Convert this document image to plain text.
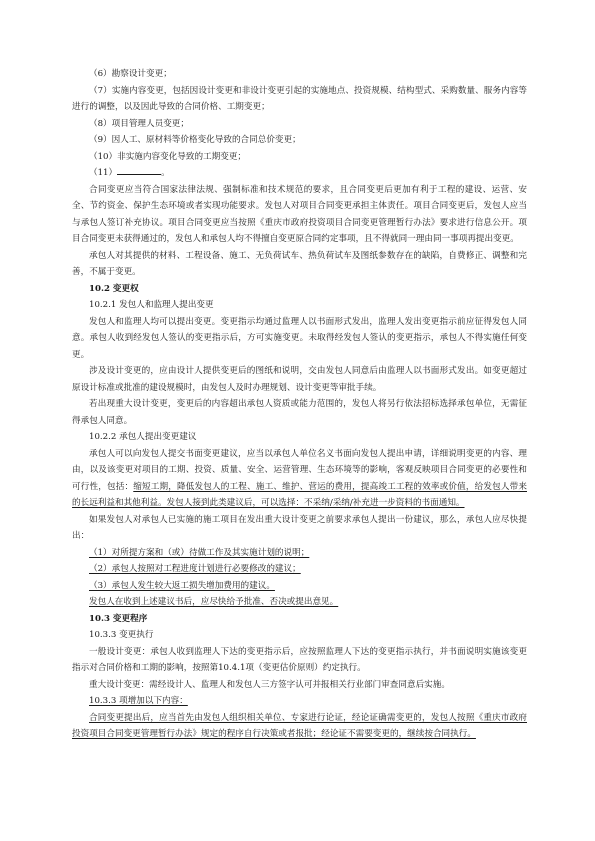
（6）勘察设计变更；

（7）实施内容变更，包括因设计变更和非设计变更引起的实施地点、投资规模、结构型式、采购数量、服务内容等进行的调整，以及因此导致的合同价格、工期变更；

（8）项目管理人员变更；

（9）因人工、原材料等价格变化导致的合同总价变更；

（10）非实施内容变化导致的工期变更；

（11）	。

合同变更应当符合国家法律法规、强制标准和技术规范的要求，且合同变更后更加有利于工程的建设、运营、安全、节约资金、保护生态环境或者实现功能要求。发包人对项目合同变更承担主体责任。项目合同变更后，发包人应当与承包人签订补充协议。项目合同变更应当按照《重庆市政府投资项目合同变更管理暂行办法》要求进行信息公开。项目合同变更未获得通过的，发包人和承包人均不得擅自变更原合同约定事项，且不得就同一理由同一事项再提出变更。

承包人对其提供的材料、工程设备、施工、无负荷试车、热负荷试车及图纸参数存在的缺陷，自费修正、调整和完善，不属于变更。

10.2 变更权

10.2.1 发包人和监理人提出变更

发包人和监理人均可以提出变更。变更指示均通过监理人以书面形式发出，监理人发出变更指示前应征得发包人同意。承包人收到经发包人签认的变更指示后，方可实施变更。未取得经发包人签认的变更指示，承包人不得实施任何变更。

涉及设计变更的，应由设计人提供变更后的图纸和说明，交由发包人同意后由监理人以书面形式发出。如变更超过原设计标准或批准的建设规模时，由发包人及时办理规划、设计变更等审批手续。

若出现重大设计变更，变更后的内容超出承包人资质或能力范围的，发包人将另行依法招标选择承包单位，无需征得承包人同意。

10.2.2 承包人提出变更建议

承包人可以向发包人提交书面变更建议，应当以承包人单位名义书面向发包人提出申请，详细说明变更的内容、理由，以及该变更对项目的工期、投资、质量、安全、运营管理、生态环境等的影响，客观反映项目合同变更的必要性和可行性，包括：缩短工期，降低发包人的工程、施工、维护、营运的费用，提高竣工工程的效率或价值，给发包人带来的长远利益和其他利益。发包人接到此类建议后，可以选择：不采纳/采纳/补充进一步资料的书面通知。

如果发包人对承包人已实施的施工项目在发出重大设计变更之前要求承包人提出一份建议，那么，承包人应尽快提出：

（1）对所提方案和（或）待做工作及其实施计划的说明；

（2）承包人按照对工程进度计划进行必要修改的建议；

（3）承包人发生较大返工损失增加费用的建议。

发包人在收到上述建议书后，应尽快给予批准、否决或提出意见。

10.3 变更程序

10.3.3 变更执行

一般设计变更：承包人收到监理人下达的变更指示后，应按照监理人下达的变更指示执行，并书面说明实施该变更指示对合同价格和工期的影响，按照第10.4.1项（变更估价原则）约定执行。

重大设计变更：需经设计人、监理人和发包人三方签字认可并报相关行业部门审查同意后实施。

10.3.3 项增加以下内容：

合同变更提出后，应当首先由发包人组织相关单位、专家进行论证，经论证确需变更的，发包人按照《重庆市政府投资项目合同变更管理暂行办法》规定的程序自行决策或者报批；经论证不需要变更的，继续按合同执行。
